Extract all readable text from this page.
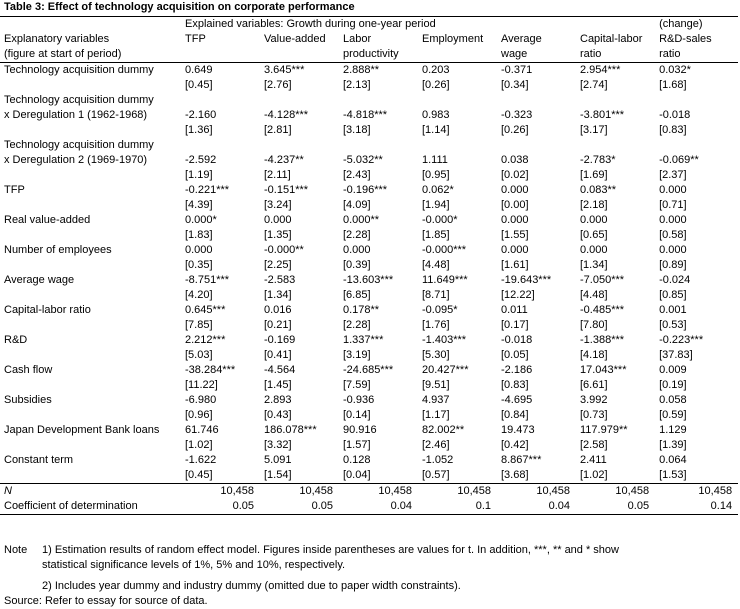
Table 3: Effect of technology acquisition on corporate performance
	Explained variables: Growth during one-year period						(change)
Explanatory variables	TFP	Value-added	Labor	Employment	Average	Capital-labor	R&D-sales
(figure at start of period)			productivity		wage	ratio	ratio
Technology acquisition dummy	0.649	3.645***	2.888**	0.203	-0.371	2.954***	0.032*
	[0.45]	[2.76]	[2.13]	[0.26]	[0.34]	[2.74]	[1.68]
Technology acquisition dummy							
x Deregulation 1 (1962-1968)	-2.160	-4.128***	-4.818***	0.983	-0.323	-3.801***	-0.018
	[1.36]	[2.81]	[3.18]	[1.14]	[0.26]	[3.17]	[0.83]
Technology acquisition dummy							
x Deregulation 2 (1969-1970)	-2.592	-4.237**	-5.032**	1.111	0.038	-2.783*	-0.069**
	[1.19]	[2.11]	[2.43]	[0.95]	[0.02]	[1.69]	[2.37]
TFP	-0.221***	-0.151***	-0.196***	0.062*	0.000	0.083**	0.000
	[4.39]	[3.24]	[4.09]	[1.94]	[0.00]	[2.18]	[0.71]
Real value-added	0.000*	0.000	0.000**	-0.000*	0.000	0.000	0.000
	[1.83]	[1.35]	[2.28]	[1.85]	[1.55]	[0.65]	[0.58]
Number of employees	0.000	-0.000**	0.000	-0.000***	0.000	0.000	0.000
	[0.35]	[2.25]	[0.39]	[4.48]	[1.61]	[1.34]	[0.89]
Average wage	-8.751***	-2.583	-13.603***	11.649***	-19.643***	-7.050***	-0.024
	[4.20]	[1.34]	[6.85]	[8.71]	[12.22]	[4.48]	[0.85]
Capital-labor ratio	0.645***	0.016	0.178**	-0.095*	0.011	-0.485***	0.001
	[7.85]	[0.21]	[2.28]	[1.76]	[0.17]	[7.80]	[0.53]
R&D	2.212***	-0.169	1.337***	-1.403***	-0.018	-1.388***	-0.223***
	[5.03]	[0.41]	[3.19]	[5.30]	[0.05]	[4.18]	[37.83]
Cash flow	-38.284***	-4.564	-24.685***	20.427***	-2.186	17.043***	0.009
	[11.22]	[1.45]	[7.59]	[9.51]	[0.83]	[6.61]	[0.19]
Subsidies	-6.980	2.893	-0.936	4.937	-4.695	3.992	0.058
	[0.96]	[0.43]	[0.14]	[1.17]	[0.84]	[0.73]	[0.59]
Japan Development Bank loans	61.746	186.078***	90.916	82.002**	19.473	117.979**	1.129
	[1.02]	[3.32]	[1.57]	[2.46]	[0.42]	[2.58]	[1.39]
Constant term	-1.622	5.091	0.128	-1.052	8.867***	2.411	0.064
	[0.45]	[1.54]	[0.04]	[0.57]	[3.68]	[1.02]	[1.53]
N	10,458	10,458	10,458	10,458	10,458	10,458	10,458
Coefficient of determination	0.05	0.05	0.04	0.1	0.04	0.05	0.14
Note 1) Estimation results of random effect model. Figures inside parentheses are values for t. In addition, ***, ** and * show
statistical significance levels of 1%, 5% and 10%, respectively.
2) Includes year dummy and industry dummy (omitted due to paper width constraints).
Source: Refer to essay for source of data.
